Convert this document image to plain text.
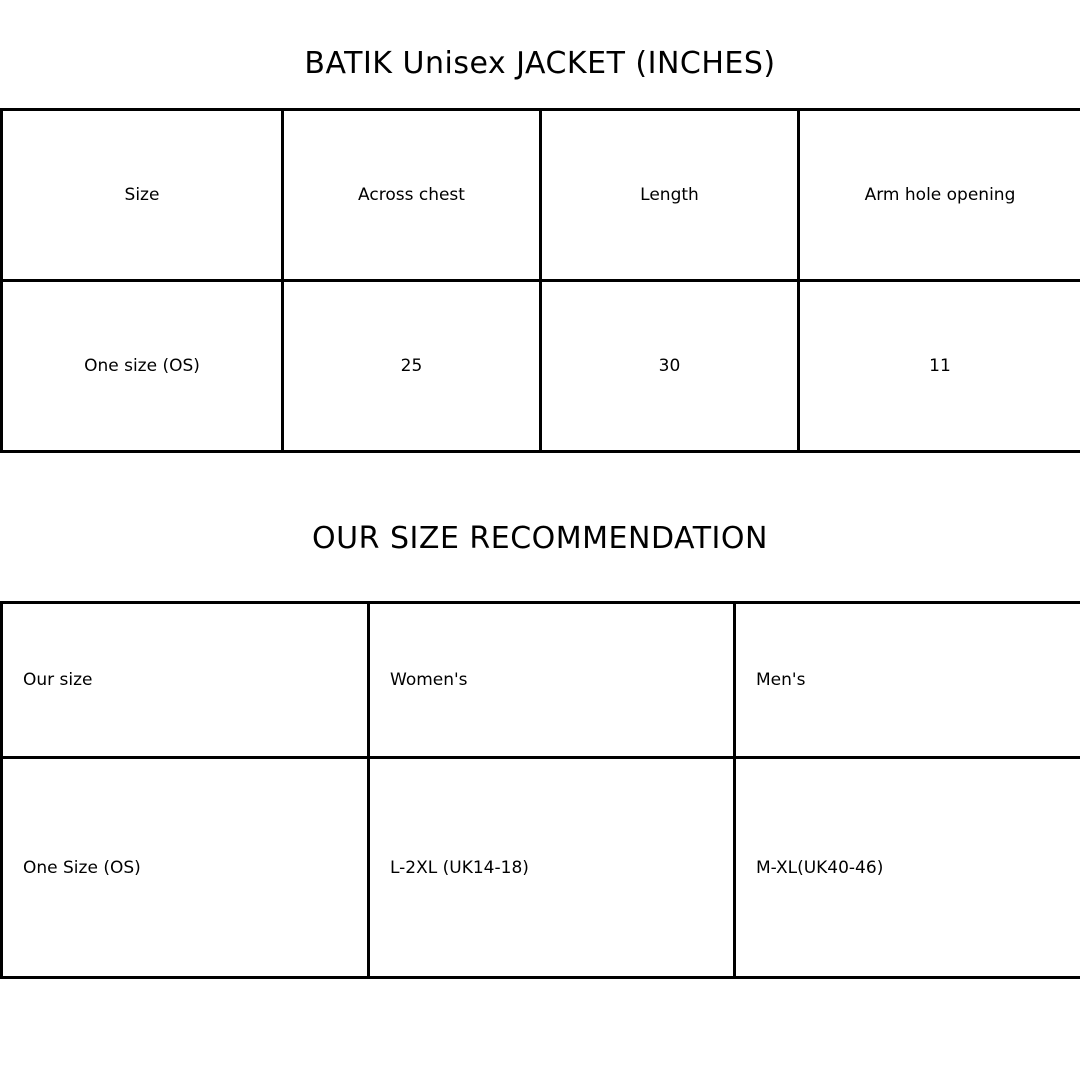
BATIK Unisex JACKET (INCHES)
Size	Across chest	Length	Arm hole opening
One size (OS)	25	30	11
OUR SIZE RECOMMENDATION
Our size	Women's	Men's
One Size (OS)	L-2XL (UK14-18)	M-XL(UK40-46)
